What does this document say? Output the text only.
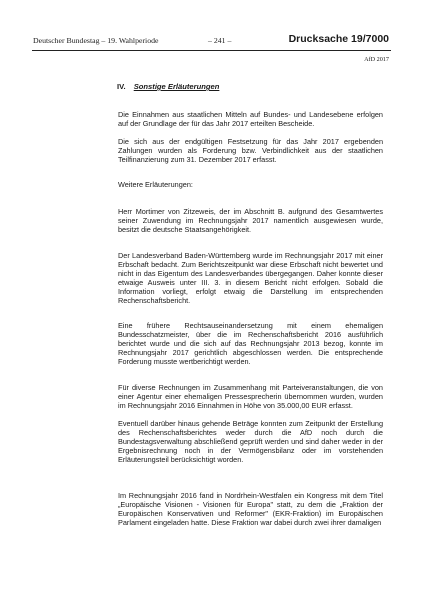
Deutscher Bundestag – 19. Wahlperiode	– 241 –	Drucksache 19/7000
AfD 2017
IV. Sonstige Erläuterungen

Die Einnahmen aus staatlichen Mitteln auf Bundes- und Landesebene erfolgen auf der Grundlage der für das Jahr 2017 erteilten Bescheide.

Die sich aus der endgültigen Festsetzung für das Jahr 2017 ergebenden Zahlungen wurden als Forderung bzw. Verbindlichkeit aus der staatlichen Teilfinanzierung zum 31. Dezember 2017 erfasst.

Weitere Erläuterungen:

Herr Mortimer von Zitzeweis, der im Abschnitt B. aufgrund des Gesamtwertes seiner Zuwendung im Rechnungsjahr 2017 namentlich ausgewiesen wurde, besitzt die deutsche Staatsangehörigkeit.

Der Landesverband Baden-Württemberg wurde im Rechnungsjahr 2017 mit einer Erbschaft bedacht. Zum Berichtszeitpunkt war diese Erbschaft nicht bewertet und nicht in das Eigentum des Landesverbandes übergegangen. Daher konnte dieser etwaige Ausweis unter III. 3. in diesem Bericht nicht erfolgen. Sobald die Information vorliegt, erfolgt etwaig die Darstellung im entsprechenden Rechenschaftsbericht.

Eine frühere Rechtsauseinandersetzung mit einem ehemaligen Bundesschatzmeister, über die im Rechenschaftsbericht 2016 ausführlich berichtet wurde und die sich auf das Rechnungsjahr 2013 bezog, konnte im Rechnungsjahr 2017 gerichtlich abgeschlossen werden. Die entsprechende Forderung musste wertberichtigt werden.

Für diverse Rechnungen im Zusammenhang mit Parteiveranstaltungen, die von einer Agentur einer ehemaligen Pressesprecherin übernommen wurden, wurden im Rechnungsjahr 2016 Einnahmen in Höhe von 35.000,00 EUR erfasst.

Eventuell darüber hinaus gehende Beträge konnten zum Zeitpunkt der Erstellung des Rechenschaftsberichtes weder durch die AfD noch durch die Bundestagsverwaltung abschließend geprüft werden und sind daher weder in der Ergebnisrechnung noch in der Vermögensbilanz oder im vorstehenden Erläuterungsteil berücksichtigt worden.

Im Rechnungsjahr 2016 fand in Nordrhein-Westfalen ein Kongress mit dem Titel „Europäische Visionen - Visionen für Europa" statt, zu dem die „Fraktion der Europäischen Konservativen und Reformer" (EKR-Fraktion) im Europäischen Parlament eingeladen hatte. Diese Fraktion war dabei durch zwei ihrer damaligen
